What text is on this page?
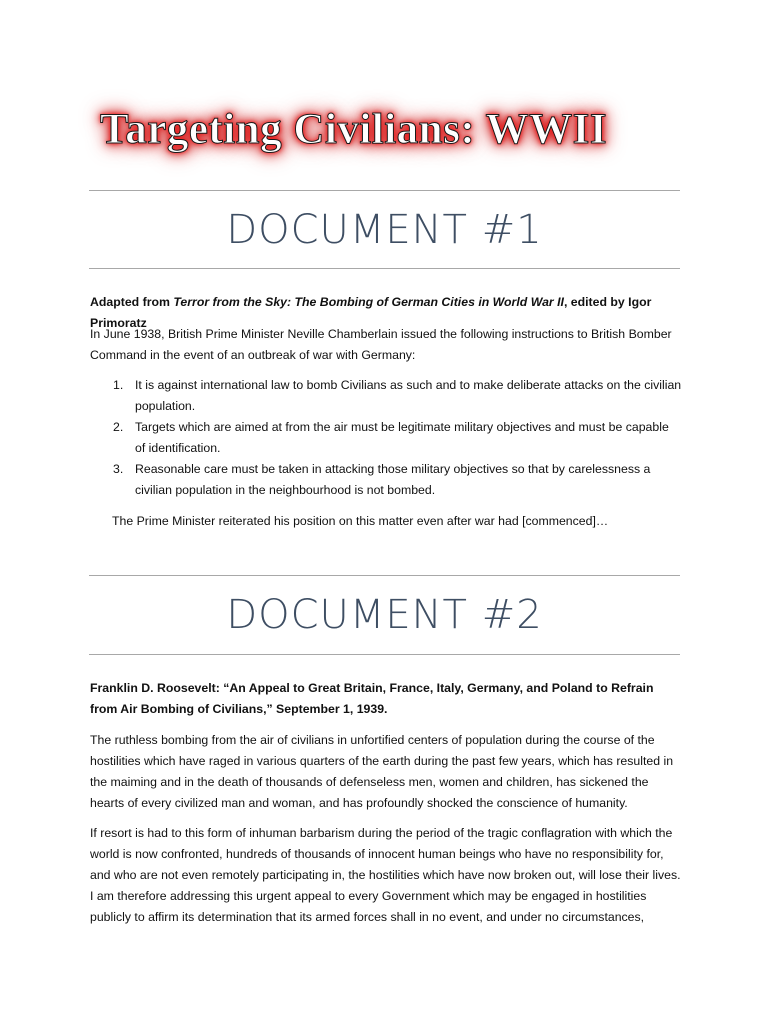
Targeting Civilians: WWII
DOCUMENT #1
Adapted from Terror from the Sky: The Bombing of German Cities in World War II, edited by Igor Primoratz
In June 1938, British Prime Minister Neville Chamberlain issued the following instructions to British Bomber Command in the event of an outbreak of war with Germany:
1. It is against international law to bomb Civilians as such and to make deliberate attacks on the civilian population.
2. Targets which are aimed at from the air must be legitimate military objectives and must be capable of identification.
3. Reasonable care must be taken in attacking those military objectives so that by carelessness a civilian population in the neighbourhood is not bombed.
The Prime Minister reiterated his position on this matter even after war had [commenced]…
DOCUMENT #2
Franklin D. Roosevelt: “An Appeal to Great Britain, France, Italy, Germany, and Poland to Refrain from Air Bombing of Civilians,” September 1, 1939.
The ruthless bombing from the air of civilians in unfortified centers of population during the course of the hostilities which have raged in various quarters of the earth during the past few years, which has resulted in the maiming and in the death of thousands of defenseless men, women and children, has sickened the hearts of every civilized man and woman, and has profoundly shocked the conscience of humanity.
If resort is had to this form of inhuman barbarism during the period of the tragic conflagration with which the world is now confronted, hundreds of thousands of innocent human beings who have no responsibility for, and who are not even remotely participating in, the hostilities which have now broken out, will lose their lives. I am therefore addressing this urgent appeal to every Government which may be engaged in hostilities publicly to affirm its determination that its armed forces shall in no event, and under no circumstances,
